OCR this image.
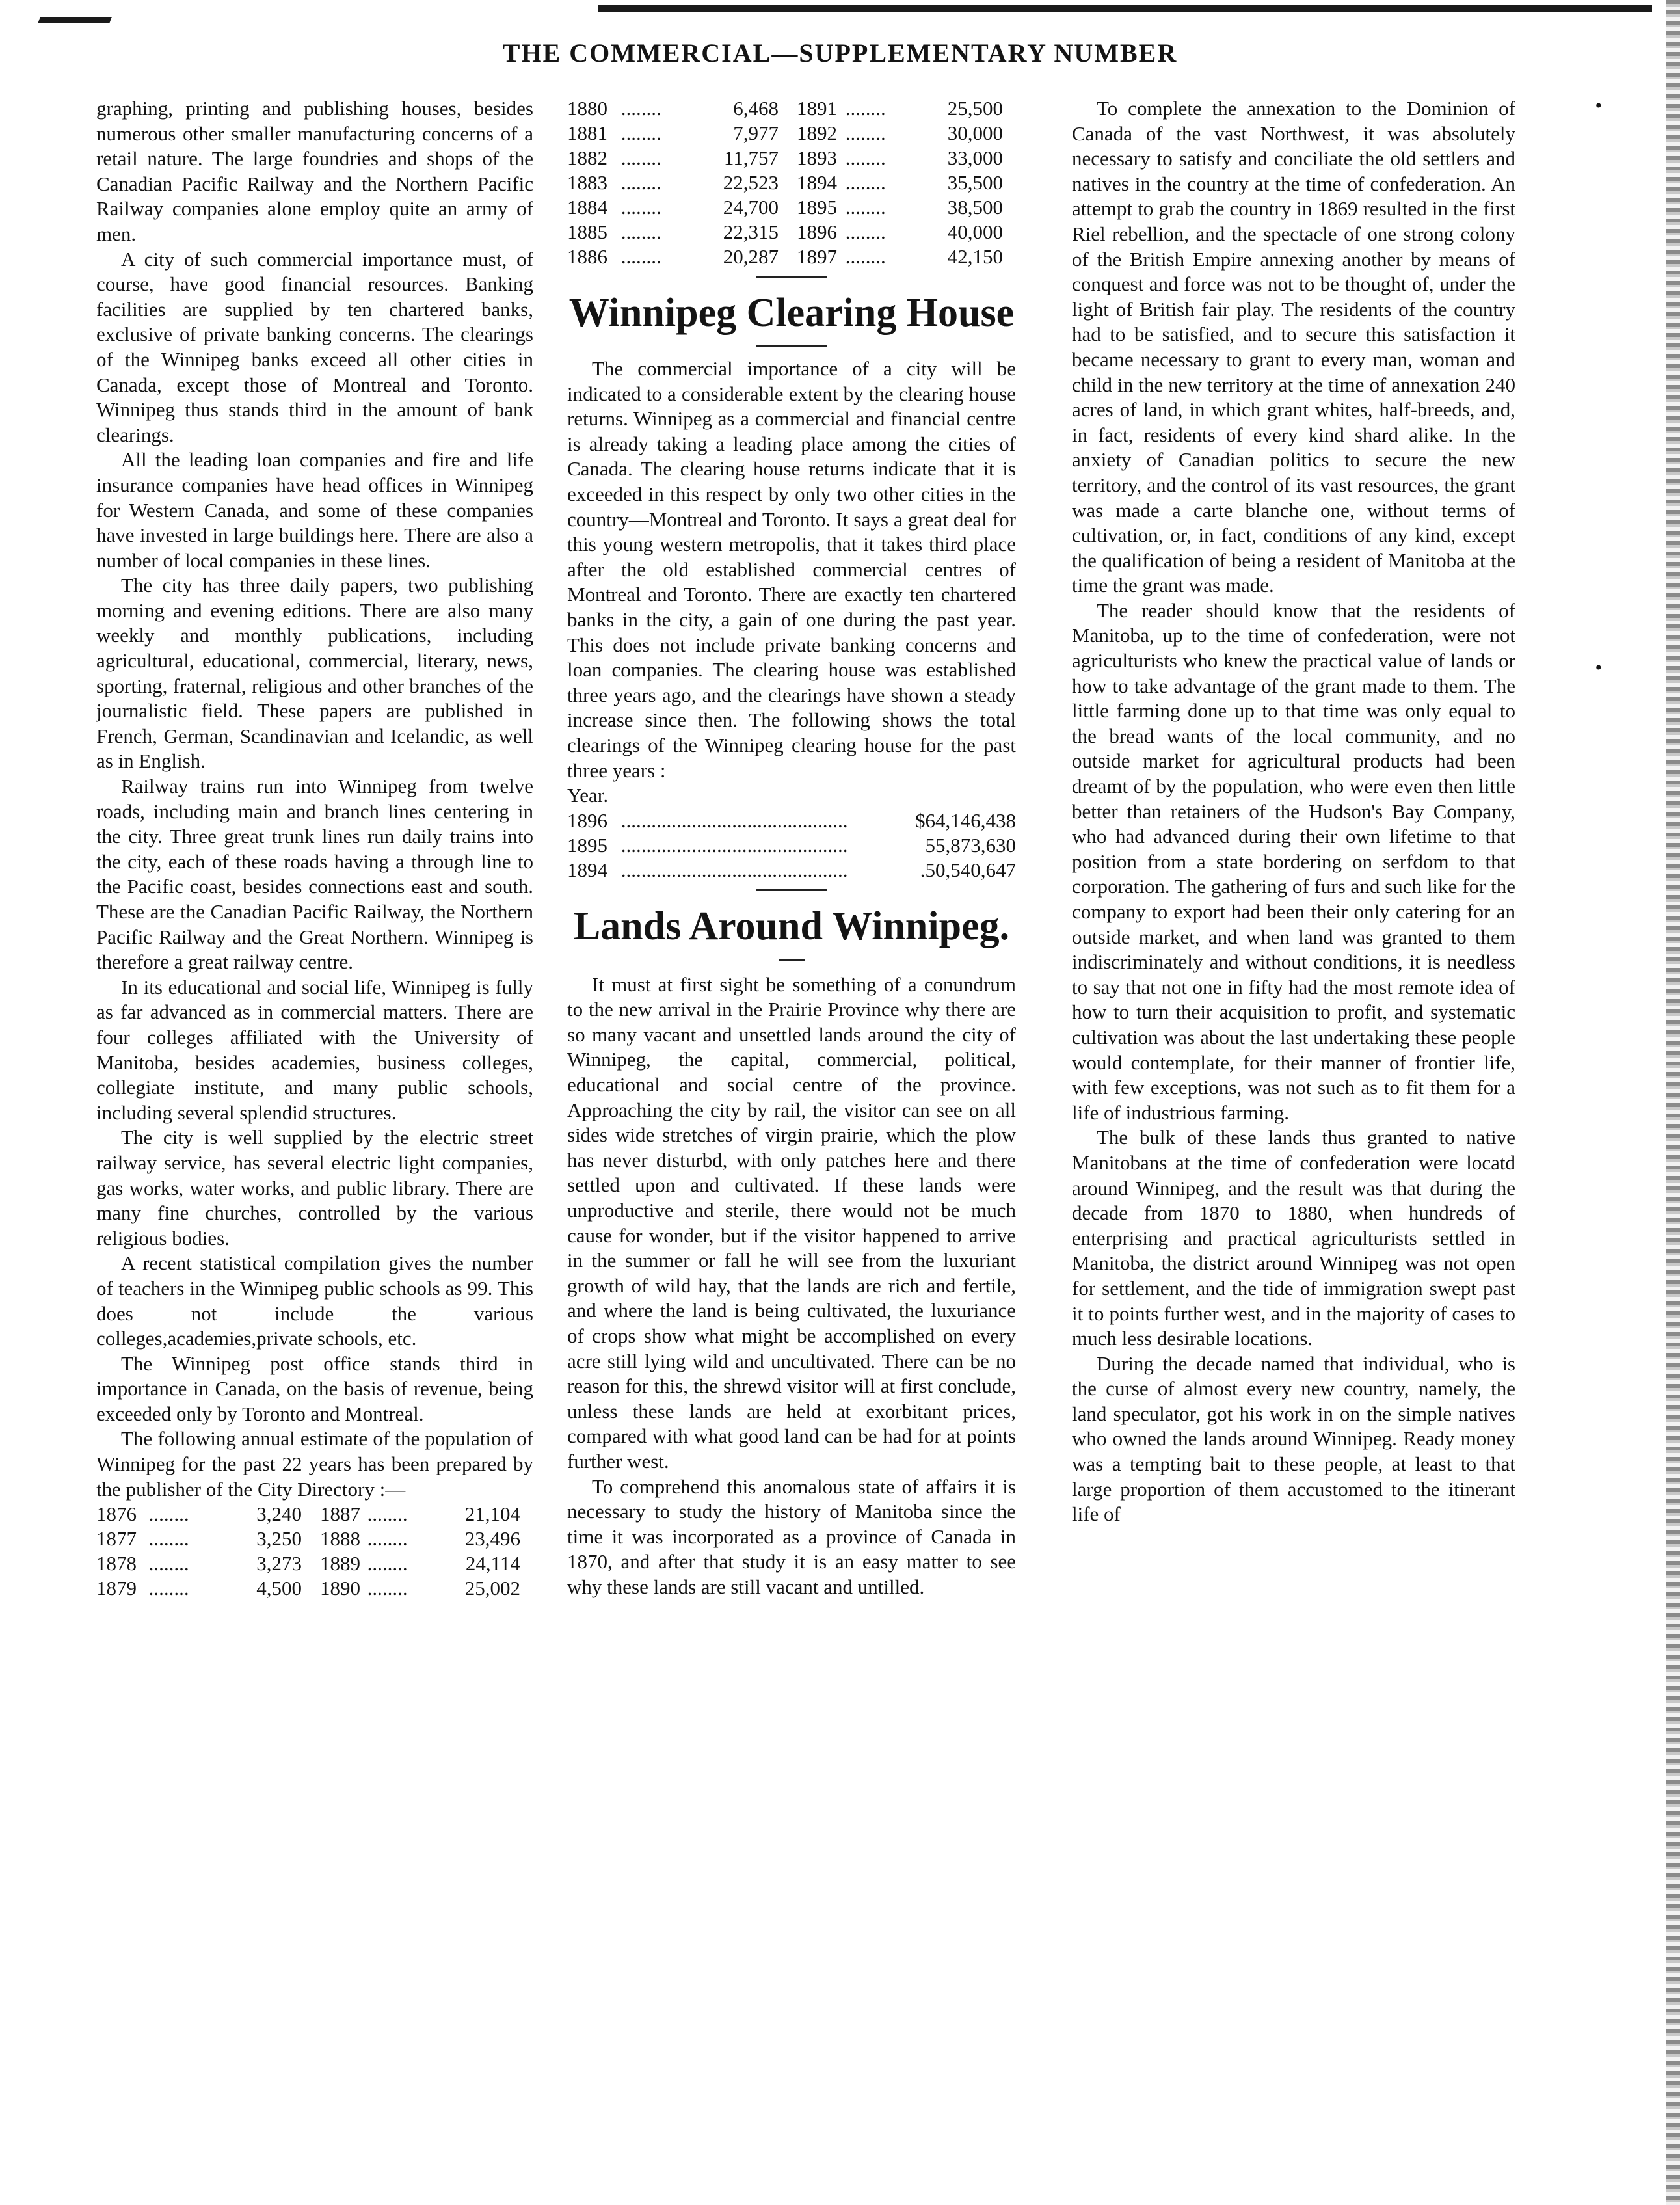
THE COMMERCIAL—SUPPLEMENTARY NUMBER

graphing, printing and publishing houses, besides numerous other smaller manufacturing concerns of a retail nature. The large foundries and shops of the Canadian Pacific Railway and the Northern Pacific Railway companies alone employ quite an army of men.

A city of such commercial importance must, of course, have good financial resources. Banking facilities are supplied by ten chartered banks, exclusive of private banking concerns. The clearings of the Winnipeg banks exceed all other cities in Canada, except those of Montreal and Toronto. Winnipeg thus stands third in the amount of bank clearings.

All the leading loan companies and fire and life insurance companies have head offices in Winnipeg for Western Canada, and some of these companies have invested in large buildings here. There are also a number of local companies in these lines.

The city has three daily papers, two publishing morning and evening editions. There are also many weekly and monthly publications, including agricultural, educational, commercial, literary, news, sporting, fraternal, religious and other branches of the journalistic field. These papers are published in French, German, Scandinavian and Icelandic, as well as in English.

Railway trains run into Winnipeg from twelve roads, including main and branch lines centering in the city. Three great trunk lines run daily trains into the city, each of these roads having a through line to the Pacific coast, besides connections east and south. These are the Canadian Pacific Railway, the Northern Pacific Railway and the Great Northern. Winnipeg is therefore a great railway centre.

In its educational and social life, Winnipeg is fully as far advanced as in commercial matters. There are four colleges affiliated with the University of Manitoba, besides academies, business colleges, collegiate institute, and many public schools, including several splendid structures.

The city is well supplied by the electric street railway service, has several electric light companies, gas works, water works, and public library. There are many fine churches, controlled by the various religious bodies.

A recent statistical compilation gives the number of teachers in the Winnipeg public schools as 99. This does not include the various colleges,academies,private schools, etc.

The Winnipeg post office stands third in importance in Canada, on the basis of revenue, being exceeded only by Toronto and Montreal.

The following annual estimate of the population of Winnipeg for the past 22 years has been prepared by the publisher of the City Directory :—

1876	........	3,240	1887	........	21,104
1877	........	3,250	1888	........	23,496
1878	........	3,273	1889	........	24,114
1879	........	4,500	1890	........	25,002
1880	........	6,468	1891	........	25,500
1881	........	7,977	1892	........	30,000
1882	........	11,757	1893	........	33,000
1883	........	22,523	1894	........	35,500
1884	........	24,700	1895	........	38,500
1885	........	22,315	1896	........	40,000
1886	........	20,287	1897	........	42,150
Winnipeg Clearing House

The commercial importance of a city will be indicated to a considerable extent by the clearing house returns. Winnipeg as a commercial and financial centre is already taking a leading place among the cities of Canada. The clearing house returns indicate that it is exceeded in this respect by only two other cities in the country—Montreal and Toronto. It says a great deal for this young western metropolis, that it takes third place after the old established commercial centres of Montreal and Toronto. There are exactly ten chartered banks in the city, a gain of one during the past year. This does not include private banking concerns and loan companies. The clearing house was established three years ago, and the clearings have shown a steady increase since then. The following shows the total clearings of the Winnipeg clearing house for the past three years :

Year.

1896	.............................................	$64,146,438
1895	.............................................	55,873,630
1894	.............................................	.50,540,647
Lands Around Winnipeg.

It must at first sight be something of a conundrum to the new arrival in the Prairie Province why there are so many vacant and unsettled lands around the city of Winnipeg, the capital, commercial, political, educational and social centre of the province. Approaching the city by rail, the visitor can see on all sides wide stretches of virgin prairie, which the plow has never disturbd, with only patches here and there settled upon and cultivated. If these lands were unproductive and sterile, there would not be much cause for wonder, but if the visitor happened to arrive in the summer or fall he will see from the luxuriant growth of wild hay, that the lands are rich and fertile, and where the land is being cultivated, the luxuriance of crops show what might be accomplished on every acre still lying wild and uncultivated. There can be no reason for this, the shrewd visitor will at first conclude, unless these lands are held at exorbitant prices, compared with what good land can be had for at points further west.

To comprehend this anomalous state of affairs it is necessary to study the history of Manitoba since the time it was incorporated as a province of Canada in 1870, and after that study it is an easy matter to see why these lands are still vacant and untilled.

To complete the annexation to the Dominion of Canada of the vast Northwest, it was absolutely necessary to satisfy and conciliate the old settlers and natives in the country at the time of confederation. An attempt to grab the country in 1869 resulted in the first Riel rebellion, and the spectacle of one strong colony of the British Empire annexing another by means of conquest and force was not to be thought of, under the light of British fair play. The residents of the country had to be satisfied, and to secure this satisfaction it became necessary to grant to every man, woman and child in the new territory at the time of annexation 240 acres of land, in which grant whites, half-breeds, and, in fact, residents of every kind shard alike. In the anxiety of Canadian politics to secure the new territory, and the control of its vast resources, the grant was made a carte blanche one, without terms of cultivation, or, in fact, conditions of any kind, except the qualification of being a resident of Manitoba at the time the grant was made.

The reader should know that the residents of Manitoba, up to the time of confederation, were not agriculturists who knew the practical value of lands or how to take advantage of the grant made to them. The little farming done up to that time was only equal to the bread wants of the local community, and no outside market for agricultural products had been dreamt of by the population, who were even then little better than retainers of the Hudson's Bay Company, who had advanced during their own lifetime to that position from a state bordering on serfdom to that corporation. The gathering of furs and such like for the company to export had been their only catering for an outside market, and when land was granted to them indiscriminately and without conditions, it is needless to say that not one in fifty had the most remote idea of how to turn their acquisition to profit, and systematic cultivation was about the last undertaking these people would contemplate, for their manner of frontier life, with few exceptions, was not such as to fit them for a life of industrious farming.

The bulk of these lands thus granted to native Manitobans at the time of confederation were locatd around Winnipeg, and the result was that during the decade from 1870 to 1880, when hundreds of enterprising and practical agriculturists settled in Manitoba, the district around Winnipeg was not open for settlement, and the tide of immigration swept past it to points further west, and in the majority of cases to much less desirable locations.

During the decade named that individual, who is the curse of almost every new country, namely, the land speculator, got his work in on the simple natives who owned the lands around Winnipeg. Ready money was a tempting bait to these people, at least to that large proportion of them accustomed to the itinerant life of

•
•
